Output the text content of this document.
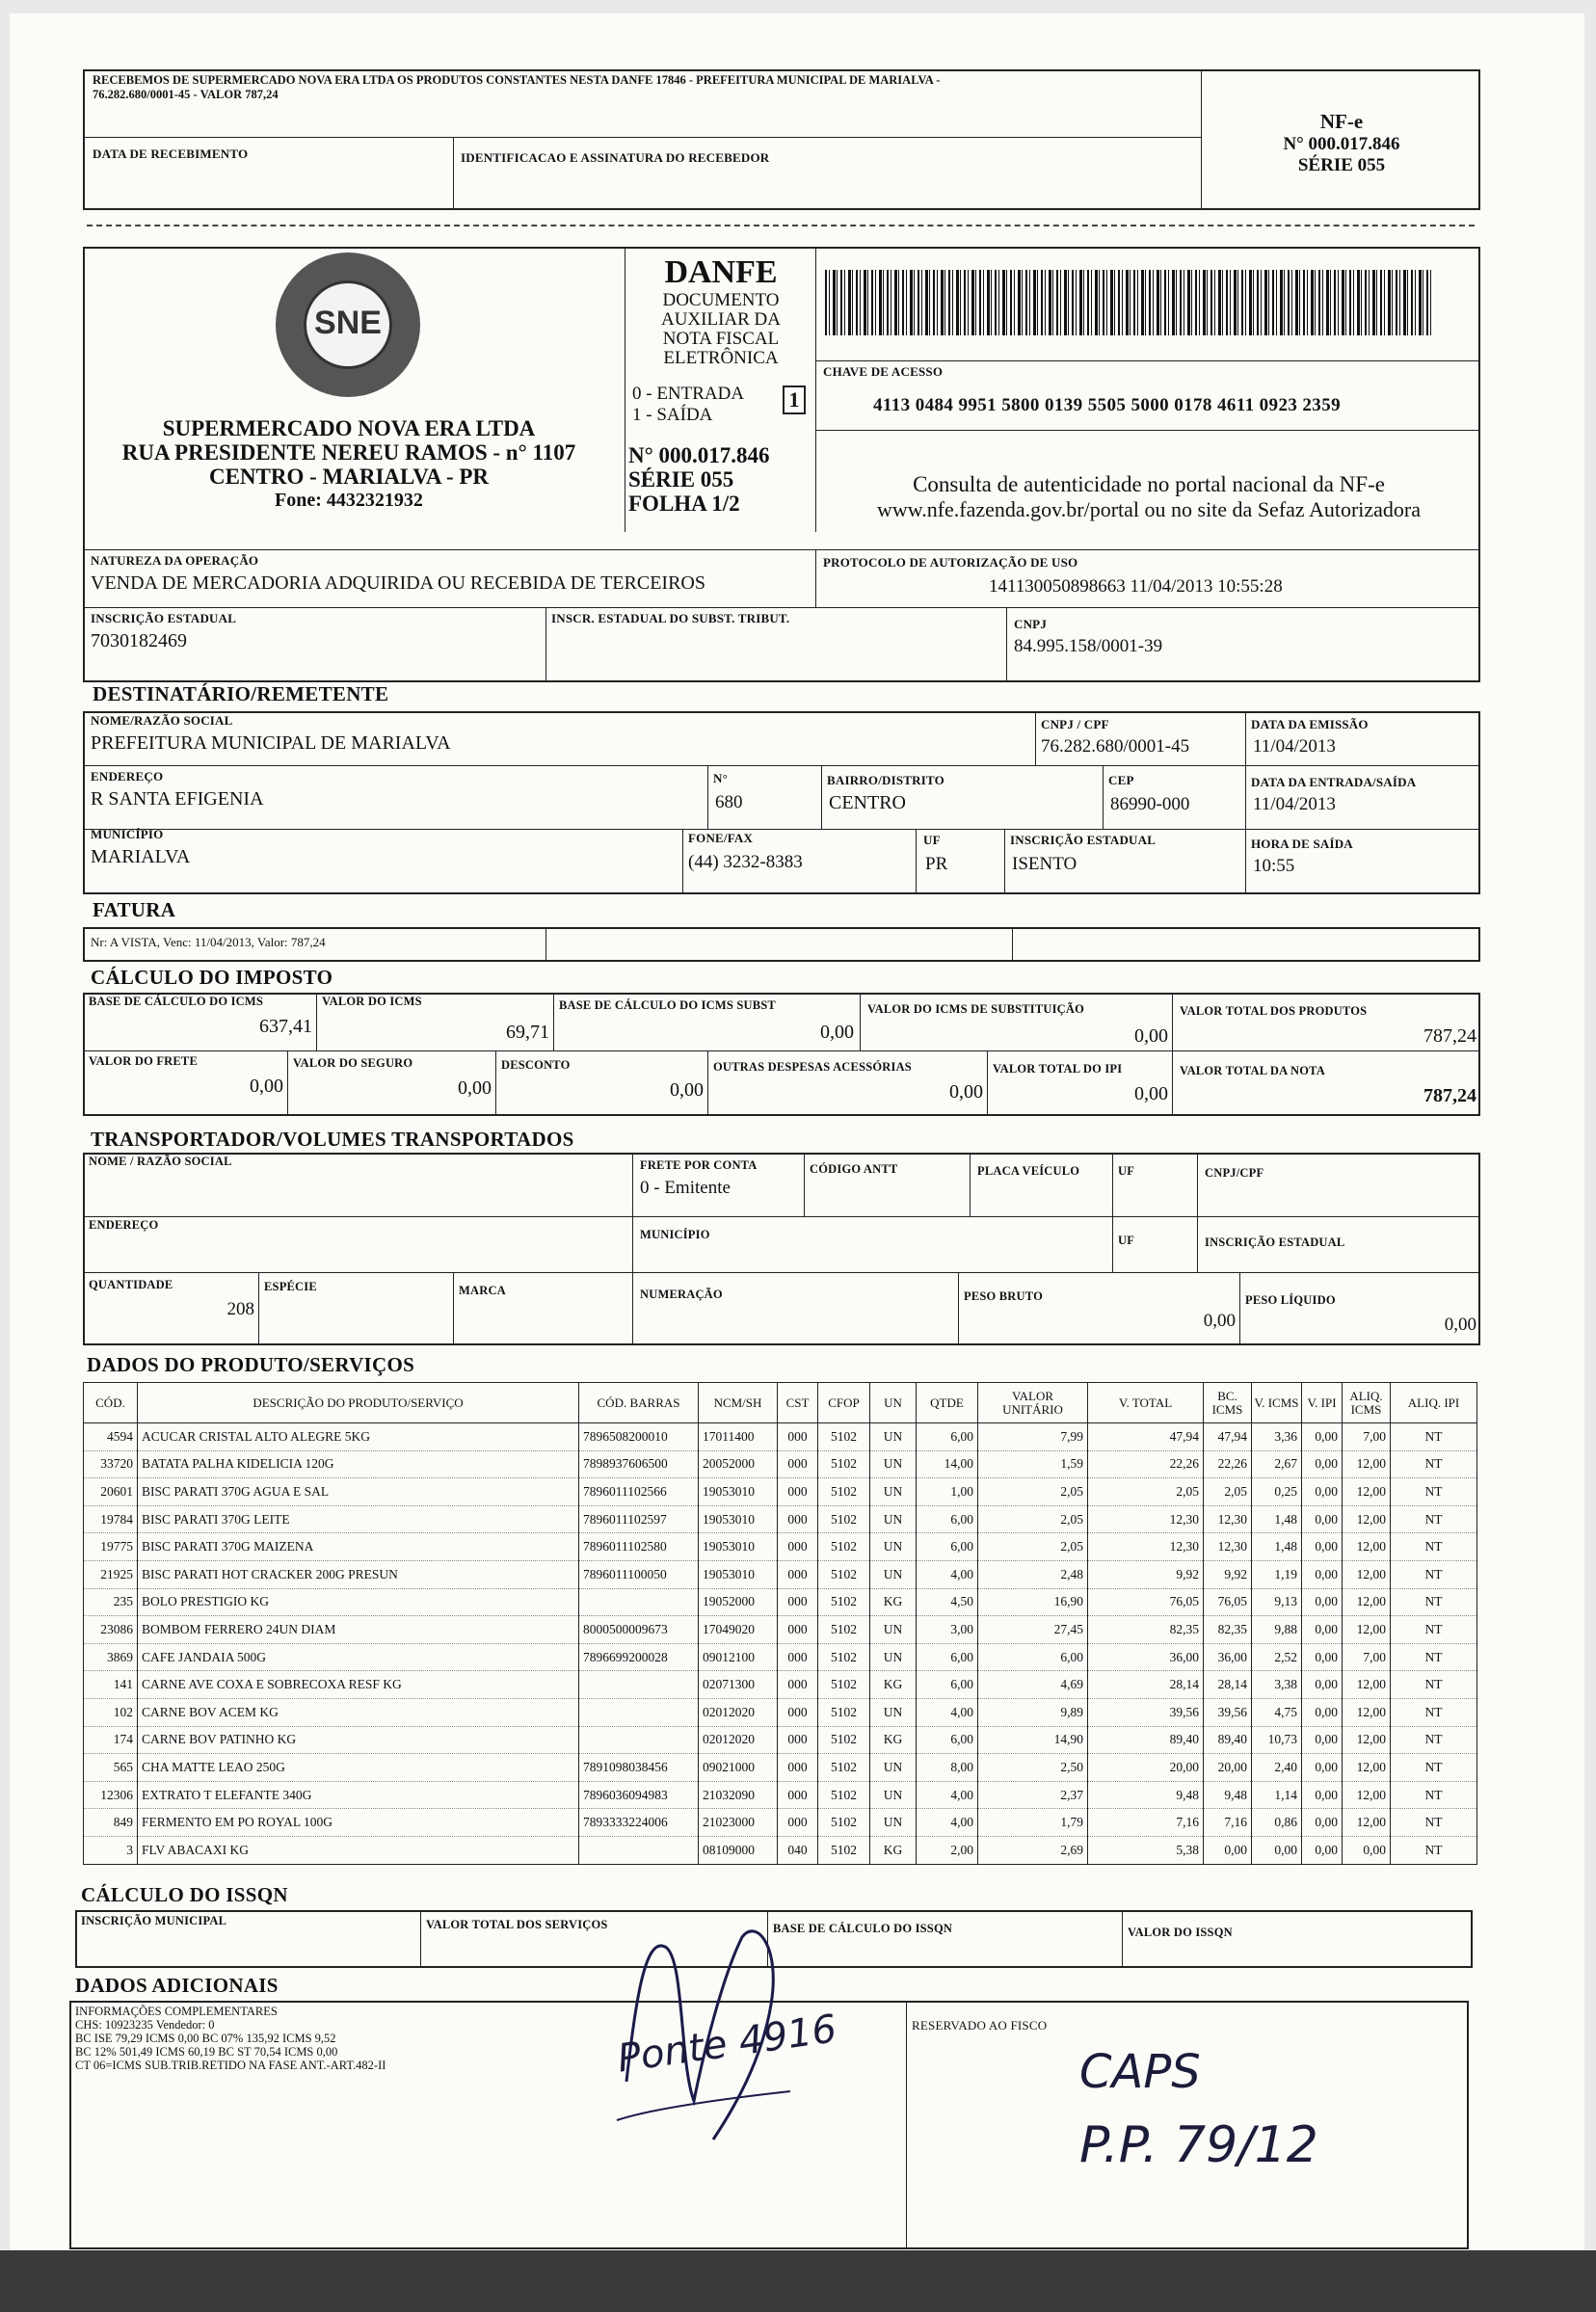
RECEBEMOS DE SUPERMERCADO NOVA ERA LTDA OS PRODUTOS CONSTANTES NESTA DANFE 17846 - PREFEITURA MUNICIPAL DE MARIALVA -
76.282.680/0001-45 - VALOR 787,24
DATA DE RECEBIMENTO	IDENTIFICACAO E ASSINATURA DO RECEBEDOR
NF-e
N° 000.017.846
SÉRIE 055
SNE
SUPERMERCADO NOVA ERA LTDA
RUA PRESIDENTE NEREU RAMOS - n° 1107
CENTRO - MARIALVA - PR
Fone: 4432321932
DANFE
DOCUMENTO
AUXILIAR DA
NOTA FISCAL
ELETRÔNICA
0 - ENTRADA
1 - SAÍDA
1
N° 000.017.846
SÉRIE 055
FOLHA 1/2
CHAVE DE ACESSO
4113 0484 9951 5800 0139 5505 5000 0178 4611 0923 2359
Consulta de autenticidade no portal nacional da NF-e
www.nfe.fazenda.gov.br/portal ou no site da Sefaz Autorizadora
NATUREZA DA OPERAÇÃO
VENDA DE MERCADORIA ADQUIRIDA OU RECEBIDA DE TERCEIROS
PROTOCOLO DE AUTORIZAÇÃO DE USO
141130050898663 11/04/2013 10:55:28
INSCRIÇÃO ESTADUAL
7030182469
INSCR. ESTADUAL DO SUBST. TRIBUT.	CNPJ
84.995.158/0001-39
DESTINATÁRIO/REMETENTE
NOME/RAZÃO SOCIAL
PREFEITURA MUNICIPAL DE MARIALVA
CNPJ / CPF
76.282.680/0001-45
DATA DA EMISSÃO
11/04/2013
ENDEREÇO
R SANTA EFIGENIA
N°
680
BAIRRO/DISTRITO
CENTRO
CEP
86990-000
DATA DA ENTRADA/SAÍDA
11/04/2013
MUNICÍPIO
MARIALVA
FONE/FAX
(44) 3232-8383
UF
PR
INSCRIÇÃO ESTADUAL
ISENTO
HORA DE SAÍDA
10:55
FATURA
Nr: A VISTA, Venc: 11/04/2013, Valor: 787,24
CÁLCULO DO IMPOSTO
BASE DE CÁLCULO DO ICMS
637,41
VALOR DO ICMS
69,71
BASE DE CÁLCULO DO ICMS SUBST
0,00
VALOR DO ICMS DE SUBSTITUIÇÃO
0,00
VALOR TOTAL DOS PRODUTOS
787,24
VALOR DO FRETE
0,00
VALOR DO SEGURO
0,00
DESCONTO
0,00
OUTRAS DESPESAS ACESSÓRIAS
0,00
VALOR TOTAL DO IPI
0,00
VALOR TOTAL DA NOTA
787,24
TRANSPORTADOR/VOLUMES TRANSPORTADOS
NOME / RAZÃO SOCIAL	FRETE POR CONTA
0 - Emitente
CÓDIGO ANTT	PLACA VEÍCULO	UF	CNPJ/CPF
ENDEREÇO
MUNICÍPIO	UF	INSCRIÇÃO ESTADUAL
QUANTIDADE
208
ESPÉCIE	MARCA	NUMERAÇÃO	PESO BRUTO
0,00
PESO LÍQUIDO
0,00
DADOS DO PRODUTO/SERVIÇOS
CÓD.	DESCRIÇÃO DO PRODUTO/SERVIÇO	CÓD. BARRAS	NCM/SH	CST	CFOP	UN	QTDE	VALOR UNITÁRIO	V. TOTAL	BC. ICMS	V. ICMS	V. IPI	ALIQ. ICMS	ALIQ. IPI
4594	ACUCAR CRISTAL ALTO ALEGRE 5KG	7896508200010	17011400	000	5102	UN	6,00	7,99	47,94	47,94	3,36	0,00	7,00	NT
33720	BATATA PALHA KIDELICIA 120G	7898937606500	20052000	000	5102	UN	14,00	1,59	22,26	22,26	2,67	0,00	12,00	NT
20601	BISC PARATI 370G AGUA E SAL	7896011102566	19053010	000	5102	UN	1,00	2,05	2,05	2,05	0,25	0,00	12,00	NT
19784	BISC PARATI 370G LEITE	7896011102597	19053010	000	5102	UN	6,00	2,05	12,30	12,30	1,48	0,00	12,00	NT
19775	BISC PARATI 370G MAIZENA	7896011102580	19053010	000	5102	UN	6,00	2,05	12,30	12,30	1,48	0,00	12,00	NT
21925	BISC PARATI HOT CRACKER 200G PRESUN	7896011100050	19053010	000	5102	UN	4,00	2,48	9,92	9,92	1,19	0,00	12,00	NT
235	BOLO PRESTIGIO KG		19052000	000	5102	KG	4,50	16,90	76,05	76,05	9,13	0,00	12,00	NT
23086	BOMBOM FERRERO 24UN DIAM	8000500009673	17049020	000	5102	UN	3,00	27,45	82,35	82,35	9,88	0,00	12,00	NT
3869	CAFE JANDAIA 500G	7896699200028	09012100	000	5102	UN	6,00	6,00	36,00	36,00	2,52	0,00	7,00	NT
141	CARNE AVE COXA E SOBRECOXA RESF KG		02071300	000	5102	KG	6,00	4,69	28,14	28,14	3,38	0,00	12,00	NT
102	CARNE BOV ACEM KG		02012020	000	5102	UN	4,00	9,89	39,56	39,56	4,75	0,00	12,00	NT
174	CARNE BOV PATINHO KG		02012020	000	5102	KG	6,00	14,90	89,40	89,40	10,73	0,00	12,00	NT
565	CHA MATTE LEAO 250G	7891098038456	09021000	000	5102	UN	8,00	2,50	20,00	20,00	2,40	0,00	12,00	NT
12306	EXTRATO T ELEFANTE 340G	7896036094983	21032090	000	5102	UN	4,00	2,37	9,48	9,48	1,14	0,00	12,00	NT
849	FERMENTO EM PO ROYAL 100G	7893333224006	21023000	000	5102	UN	4,00	1,79	7,16	7,16	0,86	0,00	12,00	NT
3	FLV ABACAXI KG		08109000	040	5102	KG	2,00	2,69	5,38	0,00	0,00	0,00	0,00	NT
CÁLCULO DO ISSQN
INSCRIÇÃO MUNICIPAL	VALOR TOTAL DOS SERVIÇOS	BASE DE CÁLCULO DO ISSQN	VALOR DO ISSQN
DADOS ADICIONAIS
INFORMAÇÕES COMPLEMENTARES
CHS: 10923235 Vendedor: 0
BC ISE 79,29 ICMS 0,00 BC 07% 135,92 ICMS 9,52
BC 12% 501,49 ICMS 60,19 BC ST 70,54 ICMS 0,00
CT 06=ICMS SUB.TRIB.RETIDO NA FASE ANT.-ART.482-II
RESERVADO AO FISCO
Ponte 4916	CAPS
P.P. 79/12
